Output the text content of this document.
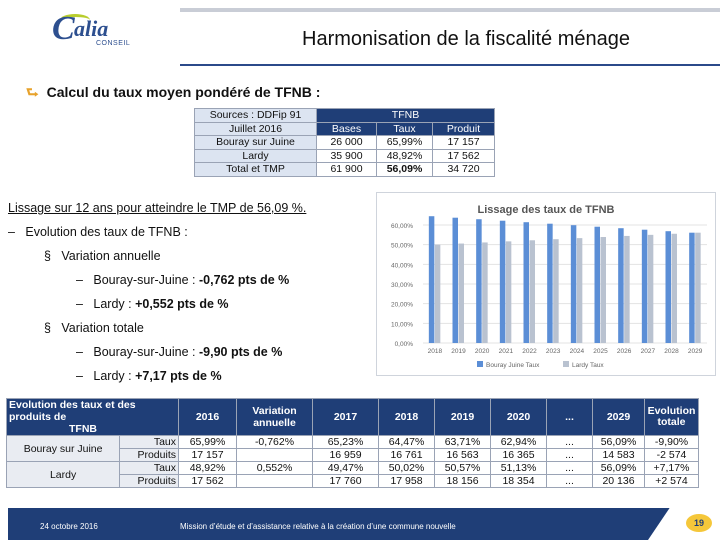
C alia
CONSEIL	Harmonisation de la fiscalité ménage
⮑ Calcul du taux moyen pondéré de TFNB :
Sources : DDFip 91	TFNB		
Juillet 2016	Bases	Taux	Produit
Bouray sur Juine	26 000	65,99%	17 157
Lardy	35 900	48,92%	17 562
Total et TMP	61 900	56,09%	34 720
Lissage sur 12 ans pour atteindre le TMP de 56,09 %.
–   Evolution des taux de TFNB :
§   Variation annuelle
–   Bouray-sur-Juine : -0,762 pts de %
–   Lardy : +0,552 pts de %
§   Variation totale
–   Bouray-sur-Juine : -9,90 pts de %
–   Lardy : +7,17 pts de %
Lissage des taux de TFNB
0,00%
10,00%
20,00%
30,00%
40,00%
50,00%
60,00%
2018 2019 2020 2021 2022 2023 2024 2025 2026 2027 2028 2029
Bouray Juine Taux	Lardy Taux
Evolution des taux et des produits de
TFNB		2016	Variation annuelle	2017	2018	2019	2020	...	2029	Evolution totale
Bouray sur Juine	Taux	65,99%	-0,762%	65,23%	64,47%	63,71%	62,94%	...	56,09%	-9,90%
	Produits	17 157		16 959	16 761	16 563	16 365	...	14 583	-2 574
Lardy	Taux	48,92%	0,552%	49,47%	50,02%	50,57%	51,13%	...	56,09%	+7,17%
	Produits	17 562		17 760	17 958	18 156	18 354	...	20 136	+2 574
24 octobre 2016	Mission d’étude et d’assistance relative à la création d’une commune nouvelle	19
